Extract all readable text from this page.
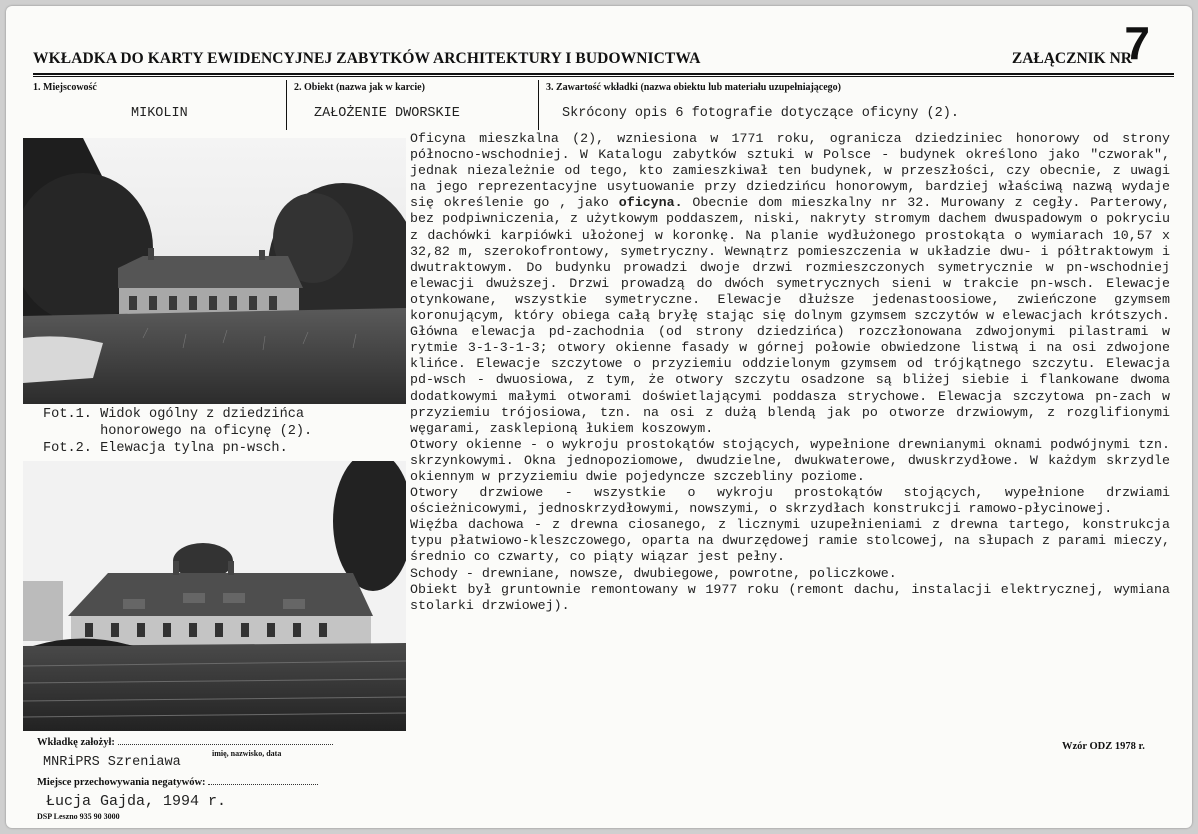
WKŁADKA DO KARTY EWIDENCYJNEJ ZABYTKÓW ARCHITEKTURY I BUDOWNICTWA	ZAŁĄCZNIK NR
7
1. Miejscowość
MIKOLIN
2. Obiekt (nazwa jak w karcie)
ZAŁOŻENIE DWORSKIE
3. Zawartość wkładki (nazwa obiektu lub materiału uzupełniającego)
Skrócony opis 6 fotografie dotyczące oficyny (2).
Fot.1. Widok ogólny z dziedzińca
honorowego na oficynę (2).
Fot.2. Elewacja tylna pn-wsch.

Oficyna mieszkalna (2), wzniesiona w 1771 roku, ogranicza dziedziniec honorowy od strony północno-wschodniej. W Katalogu zabytków sztuki w Polsce - budynek określono jako "czworak", jednak niezależnie od tego, kto zamieszkiwał ten budynek, w przeszłości, czy obecnie, z uwagi na jego reprezentacyjne usytuowanie przy dziedzińcu honorowym, bardziej właściwą nazwą wydaje się określenie go , jako oficyna. Obecnie dom mieszkalny nr 32. Murowany z cegły. Parterowy, bez podpiwniczenia, z użytkowym poddaszem, niski, nakryty stromym dachem dwuspadowym o pokryciu z dachówki karpiówki ułożonej w koronkę. Na planie wydłużonego prostokąta o wymiarach 10,57 x 32,82 m, szerokofrontowy, symetryczny. Wewnątrz pomieszczenia w układzie dwu- i półtraktowym i dwutraktowym. Do budynku prowadzi dwoje drzwi rozmieszczonych symetrycznie w pn-wschodniej elewacji dwuższej. Drzwi prowadzą do dwóch symetrycznych sieni w trakcie pn-wsch. Elewacje otynkowane, wszystkie symetryczne. Elewacje dłuższe jedenastoosiowe, zwieńczone gzymsem koronującym, który obiega całą bryłę stając się dolnym gzymsem szczytów w elewacjach krótszych. Główna elewacja pd-zachodnia (od strony dziedzińca) rozczłonowana zdwojonymi pilastrami w rytmie 3-1-3-1-3; otwory okienne fasady w górnej połowie obwiedzone listwą i na osi zdwojone klińce. Elewacje szczytowe o przyziemiu oddzielonym gzymsem od trójkątnego szczytu. Elewacja pd-wsch - dwuosiowa, z tym, że otwory szczytu osadzone są bliżej siebie i flankowane dwoma dodatkowymi małymi otworami doświetlającymi poddasza strychowe. Elewacja szczytowa pn-zach w przyziemiu trójosiowa, tzn. na osi z dużą blendą jak po otworze drzwiowym, z rozglifionymi węgarami, zasklepioną łukiem koszowym.

Otwory okienne - o wykroju prostokątów stojących, wypełnione drewnianymi oknami podwójnymi tzn. skrzynkowymi. Okna jednopoziomowe, dwudzielne, dwukwaterowe, dwuskrzydłowe. W każdym skrzydle okiennym w przyziemiu dwie pojedyncze szczebliny poziome.

Otwory drzwiowe - wszystkie o wykroju prostokątów stojących, wypełnione drzwiami ościeżnicowymi, jednoskrzydłowymi, nowszymi, o skrzydłach konstrukcji ramowo-płycinowej.

Więźba dachowa - z drewna ciosanego, z licznymi uzupełnieniami z drewna tartego, konstrukcja typu płatwiowo-kleszczowego, oparta na dwurzędowej ramie stolcowej, na słupach z parami mieczy, średnio co czwarty, co piąty wiązar jest pełny.

Schody - drewniane, nowsze, dwubiegowe, powrotne, policzkowe.

Obiekt był gruntownie remontowany w 1977 roku (remont dachu, instalacji elektrycznej, wymiana stolarki drzwiowej).

Wkładkę założył:
imię, nazwisko, data
MNRiPRS Szreniawa
Miejsce przechowywania negatywów:
Łucja Gajda, 1994 r.
DSP Leszno 935 90 3000
Wzór ODZ 1978 r.
